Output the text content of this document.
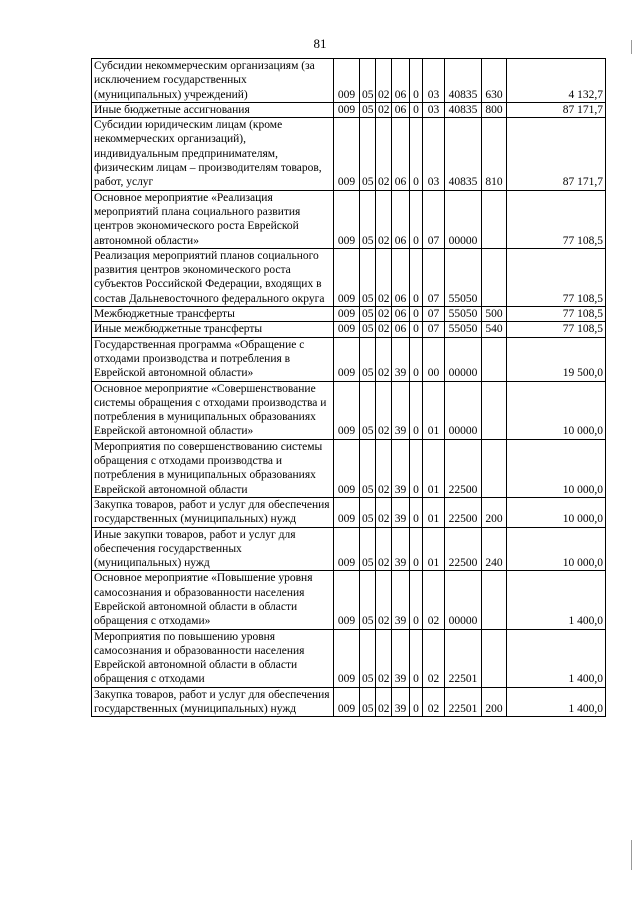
81
Субсидии некоммерческим организациям (за исключением государственных (муниципальных) учреждений)	009	05	02	06	0	03	40835	630	4 132,7
Иные бюджетные ассигнования	009	05	02	06	0	03	40835	800	87 171,7
Субсидии юридическим лицам (кроме некоммерческих организаций), индивидуальным предпринимателям, физическим лицам – производителям товаров, работ, услуг	009	05	02	06	0	03	40835	810	87 171,7
Основное мероприятие «Реализация мероприятий плана социального развития центров экономического роста Еврейской автономной области»	009	05	02	06	0	07	00000		77 108,5
Реализация мероприятий планов социального развития центров экономического роста субъектов Российской Федерации, входящих в состав Дальневосточного федерального округа	009	05	02	06	0	07	55050		77 108,5
Межбюджетные трансферты	009	05	02	06	0	07	55050	500	77 108,5
Иные межбюджетные трансферты	009	05	02	06	0	07	55050	540	77 108,5
Государственная программа «Обращение с отходами производства и потребления в Еврейской автономной области»	009	05	02	39	0	00	00000		19 500,0
Основное мероприятие «Совершенствование системы обращения с отходами производства и потребления в муниципальных образованиях Еврейской автономной области»	009	05	02	39	0	01	00000		10 000,0
Мероприятия по совершенствованию системы обращения с отходами производства и потребления в муниципальных образованиях Еврейской автономной области	009	05	02	39	0	01	22500		10 000,0
Закупка товаров, работ и услуг для обеспечения государственных (муниципальных) нужд	009	05	02	39	0	01	22500	200	10 000,0
Иные закупки товаров, работ и услуг для обеспечения государственных (муниципальных) нужд	009	05	02	39	0	01	22500	240	10 000,0
Основное мероприятие «Повышение уровня самосознания и образованности населения Еврейской автономной области в области обращения с отходами»	009	05	02	39	0	02	00000		1 400,0
Мероприятия по повышению уровня самосознания и образованности населения Еврейской автономной области в области обращения с отходами	009	05	02	39	0	02	22501		1 400,0
Закупка товаров, работ и услуг для обеспечения государственных (муниципальных) нужд	009	05	02	39	0	02	22501	200	1 400,0
